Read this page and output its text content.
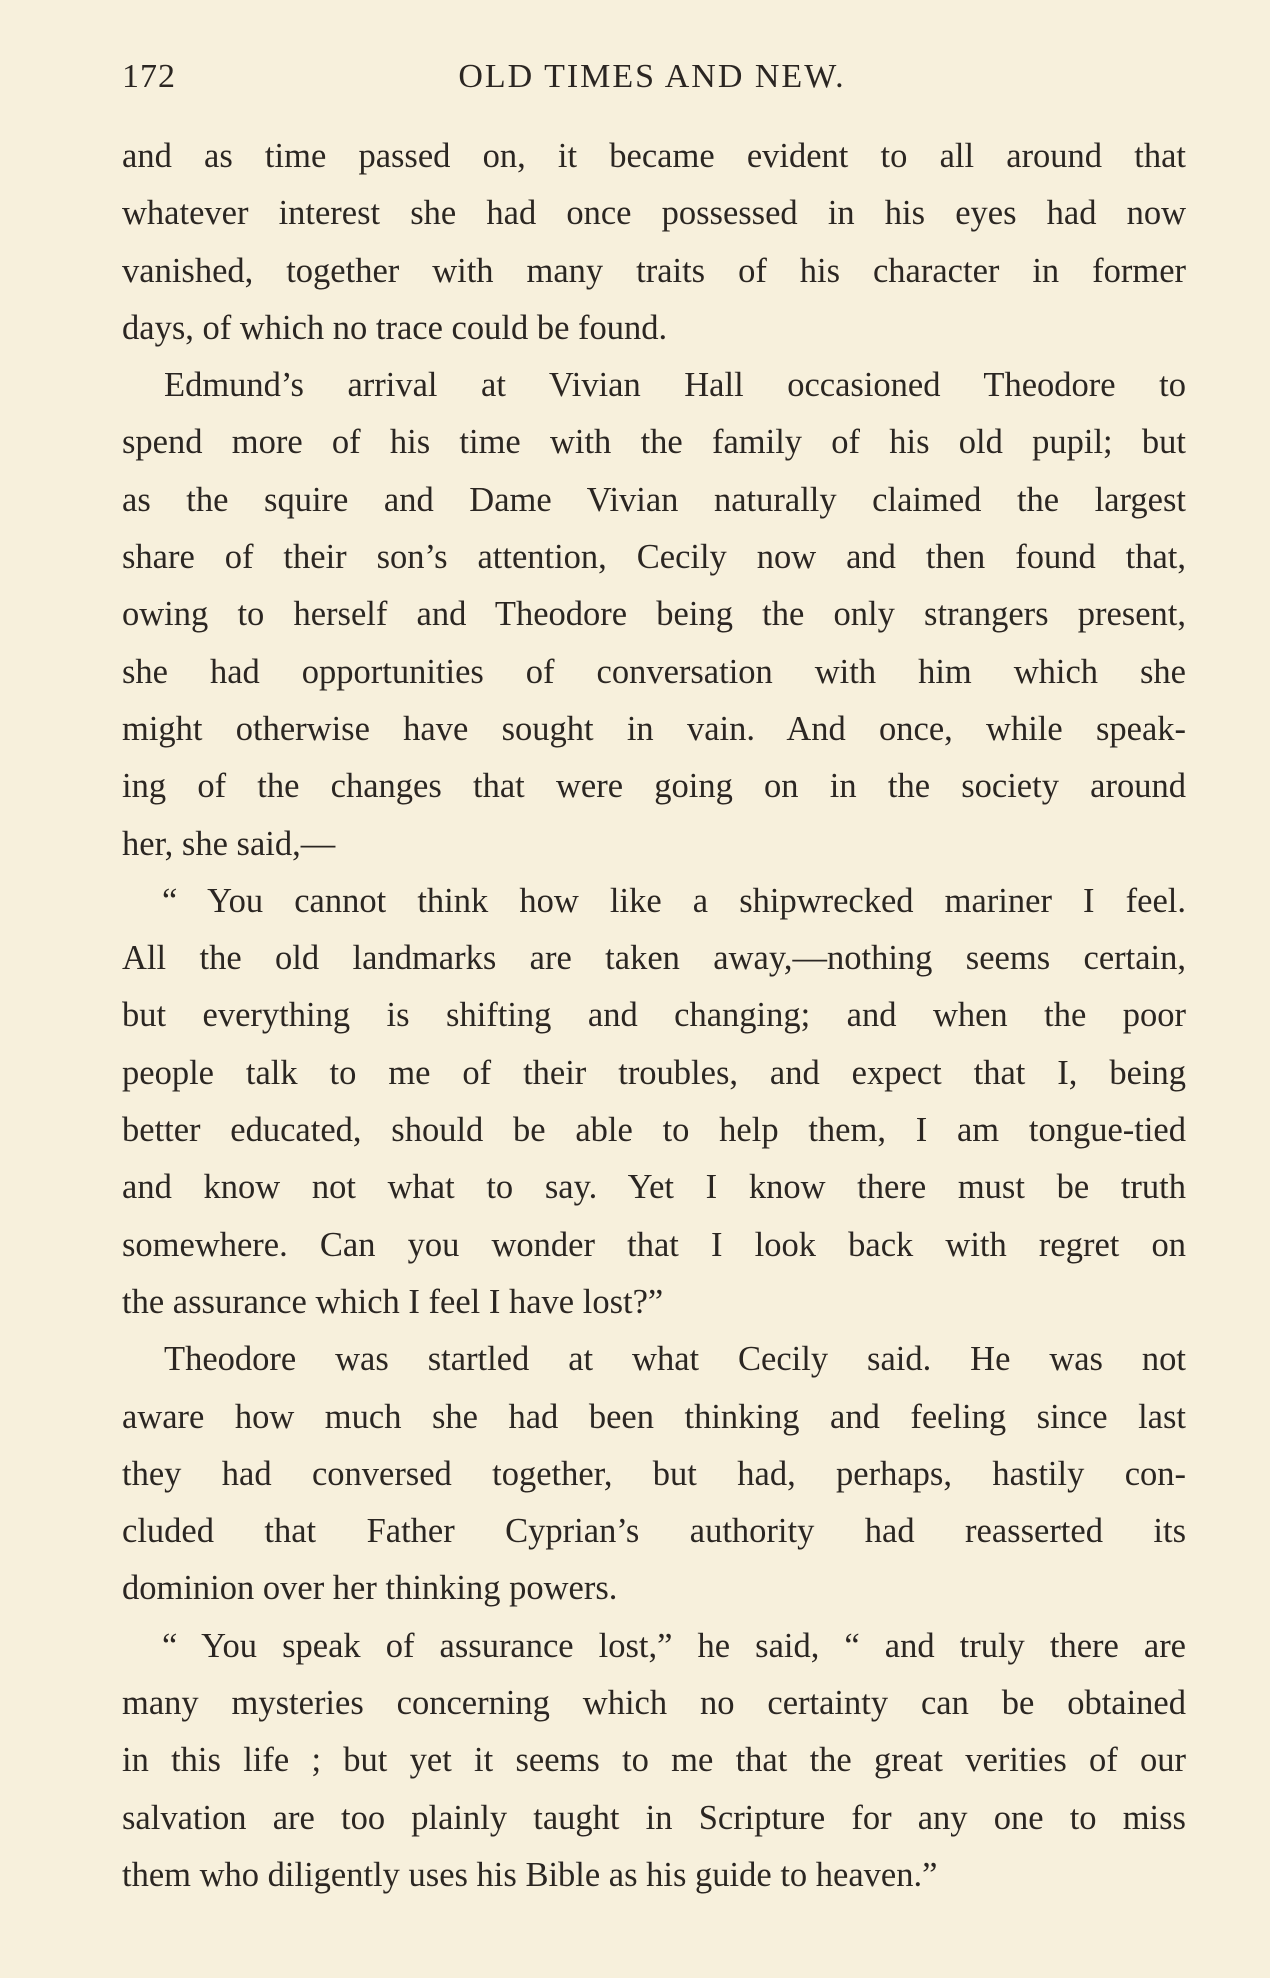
172	OLD TIMES AND NEW.
and as time passed on, it became evident to all around that
whatever interest she had once possessed in his eyes had now
vanished, together with many traits of his character in former
days, of which no trace could be found.
Edmund’s arrival at Vivian Hall occasioned Theodore to
spend more of his time with the family of his old pupil; but
as the squire and Dame Vivian naturally claimed the largest
share of their son’s attention, Cecily now and then found that,
owing to herself and Theodore being the only strangers present,
she had opportunities of conversation with him which she
might otherwise have sought in vain. And once, while speak-
ing of the changes that were going on in the society around
her, she said,—
“ You cannot think how like a shipwrecked mariner I feel.
All the old landmarks are taken away,—nothing seems certain,
but everything is shifting and changing; and when the poor
people talk to me of their troubles, and expect that I, being
better educated, should be able to help them, I am tongue-tied
and know not what to say. Yet I know there must be truth
somewhere. Can you wonder that I look back with regret on
the assurance which I feel I have lost?”
Theodore was startled at what Cecily said. He was not
aware how much she had been thinking and feeling since last
they had conversed together, but had, perhaps, hastily con-
cluded that Father Cyprian’s authority had reasserted its
dominion over her thinking powers.
“ You speak of assurance lost,” he said, “ and truly there are
many mysteries concerning which no certainty can be obtained
in this life ; but yet it seems to me that the great verities of our
salvation are too plainly taught in Scripture for any one to miss
them who diligently uses his Bible as his guide to heaven.”
